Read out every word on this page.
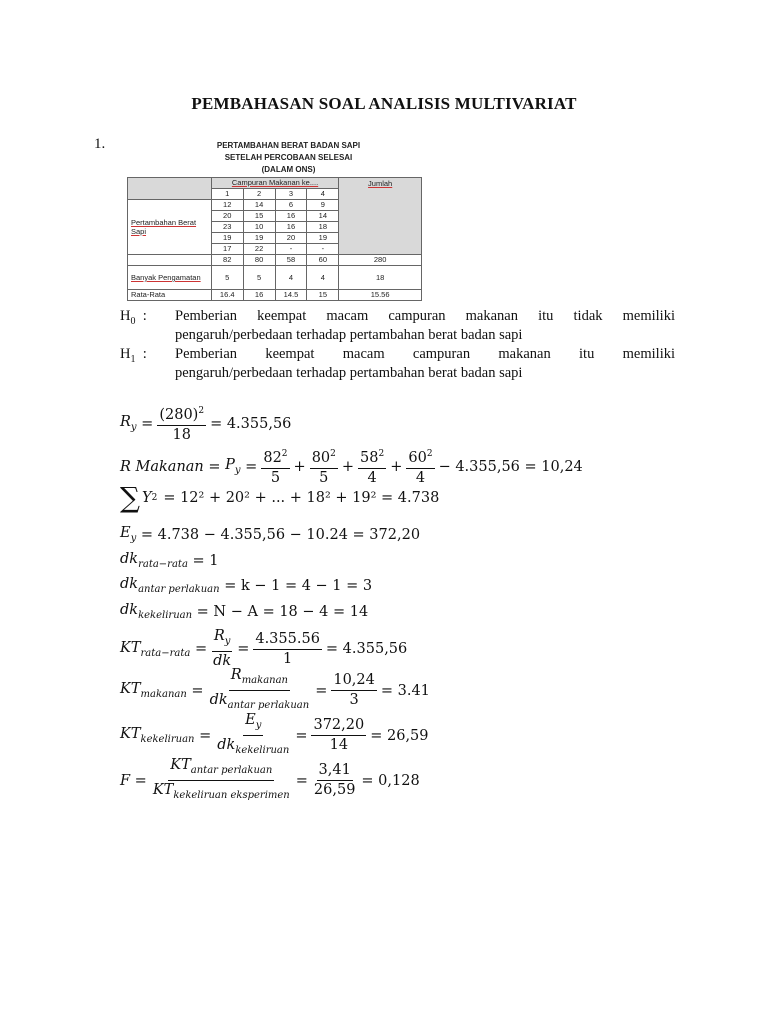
PEMBAHASAN SOAL ANALISIS MULTIVARIAT
1.	PERTAMBAHAN BERAT BADAN SAPI
SETELAH PERCOBAAN SELESAI
(DALAM ONS)
	Campuran Makanan ke....				Jumlah

	1	2	3	4	
Pertambahan Berat Sapi	12	14	6	9	
	20	15	16	14	
	23	10	16	18	
	19	19	20	19	
	17	22	-	-	
	82	80	58	60	280
Banyak Pengamatan	5	5	4	4	18
Rata-Rata	16.4	16	14.5	15	15.56
$H_0$  :	Pemberian keempat macam campuran makanan itu tidak memiliki
pengaruh/perbedaan terhadap pertambahan berat badan sapi
$H_1$  :	Pemberian keempat macam campuran makanan itu memiliki
pengaruh/perbedaan terhadap pertambahan berat badan sapi
$R_y = \frac{(280)^2}{18} = 4.355,56$
R Makanan = $P_y = \frac{82^2}{5} + \frac{80^2}{5} + \frac{58^2}{4} + \frac{60^2}{4} - 4.355,56 = 10,24$
∑ Y 2 = 12² + 20² + ... + 18² + 19² = 4.738
$E_y$
= 4.738 − 4.355,56 − 10.24 = 372,20
$dk_{rata-rata}$
= 1
$dk_{antar perlakuan}$
= k − 1 = 4 − 1 = 3
$dk_{kekeliruan}$
= N − A = 18 − 4 = 14
$KT_{rata-rata} = \frac{R_y}{dk} = \frac{4.355.56}{1} = 4.355,56$
$KT_{makanan} = \frac{R_{makanan}}{dk_{antar perlakuan}} = \frac{10,24}{3} = 3.41$
$KT_{kekeliruan} = \frac{E_y}{dk_{kekeliruan}} = \frac{372,20}{14} = 26,59$
$F = \frac{KT_{antar perlakuan}}{KT_{kekeliruan eksperimen}} = \frac{3,41}{26,59} = 0,128$
